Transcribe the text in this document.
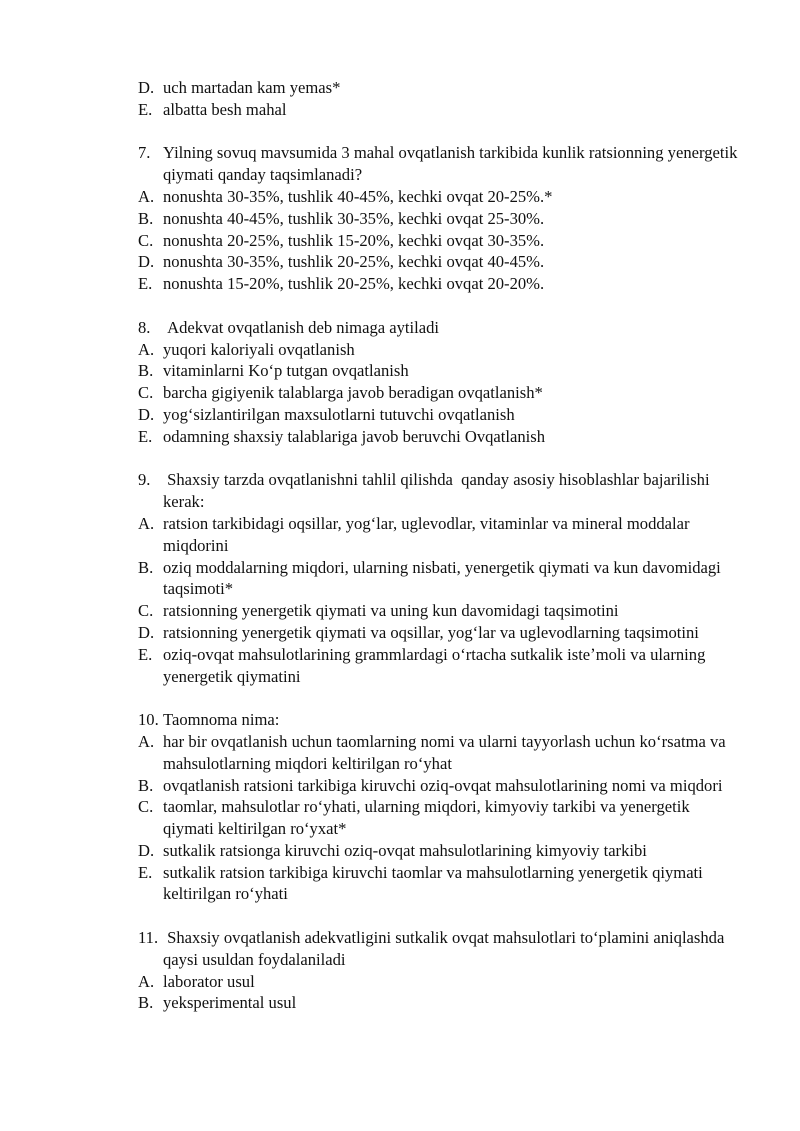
D. uch martadan kam yemas*
E. albatta besh mahal
7. Yilning sovuq mavsumida 3 mahal ovqatlanish tarkibida kunlik ratsionning yenergetik qiymati qanday taqsimlanadi?
A. nonushta 30-35%, tushlik 40-45%, kechki ovqat 20-25%.*
B. nonushta 40-45%, tushlik 30-35%, kechki ovqat 25-30%.
C. nonushta 20-25%, tushlik 15-20%, kechki ovqat 30-35%.
D. nonushta 30-35%, tushlik 20-25%, kechki ovqat 40-45%.
E. nonushta 15-20%, tushlik 20-25%, kechki ovqat 20-20%.
8. Adekvat ovqatlanish deb nimaga aytiladi
A. yuqori kaloriyali ovqatlanish
B. vitaminlarni Koʻp tutgan ovqatlanish
C. barcha gigiyenik talablarga javob beradigan ovqatlanish*
D. yogʻsizlantirilgan maxsulotlarni tutuvchi ovqatlanish
E. odamning shaxsiy talablariga javob beruvchi Ovqatlanish
9. Shaxsiy tarzda ovqatlanishni tahlil qilishda  qanday asosiy hisoblashlar bajarilishi kerak:
A. ratsion tarkibidagi oqsillar, yogʻlar, uglevodlar, vitaminlar va mineral moddalar miqdorini
B. oziq moddalarning miqdori, ularning nisbati, yenergetik qiymati va kun davomidagi taqsimoti*
C. ratsionning yenergetik qiymati va uning kun davomidagi taqsimotini
D. ratsionning yenergetik qiymati va oqsillar, yogʻlar va uglevodlarning taqsimotini
E. oziq-ovqat mahsulotlarining grammlardagi oʻrtacha sutkalik isteʼmoli va ularning yenergetik qiymatini
10. Taomnoma nima:
A. har bir ovqatlanish uchun taomlarning nomi va ularni tayyorlash uchun koʻrsatma va mahsulotlarning miqdori keltirilgan roʻyhat
B. ovqatlanish ratsioni tarkibiga kiruvchi oziq-ovqat mahsulotlarining nomi va miqdori
C. taomlar, mahsulotlar roʻyhati, ularning miqdori, kimyoviy tarkibi va yenergetik qiymati keltirilgan roʻyxat*
D. sutkalik ratsionga kiruvchi oziq-ovqat mahsulotlarining kimyoviy tarkibi
E. sutkalik ratsion tarkibiga kiruvchi taomlar va mahsulotlarning yenergetik qiymati keltirilgan roʻyhati
11. Shaxsiy ovqatlanish adekvatligini sutkalik ovqat mahsulotlari toʻplamini aniqlashda qaysi usuldan foydalaniladi
A. laborator usul
B. yeksperimental usul
